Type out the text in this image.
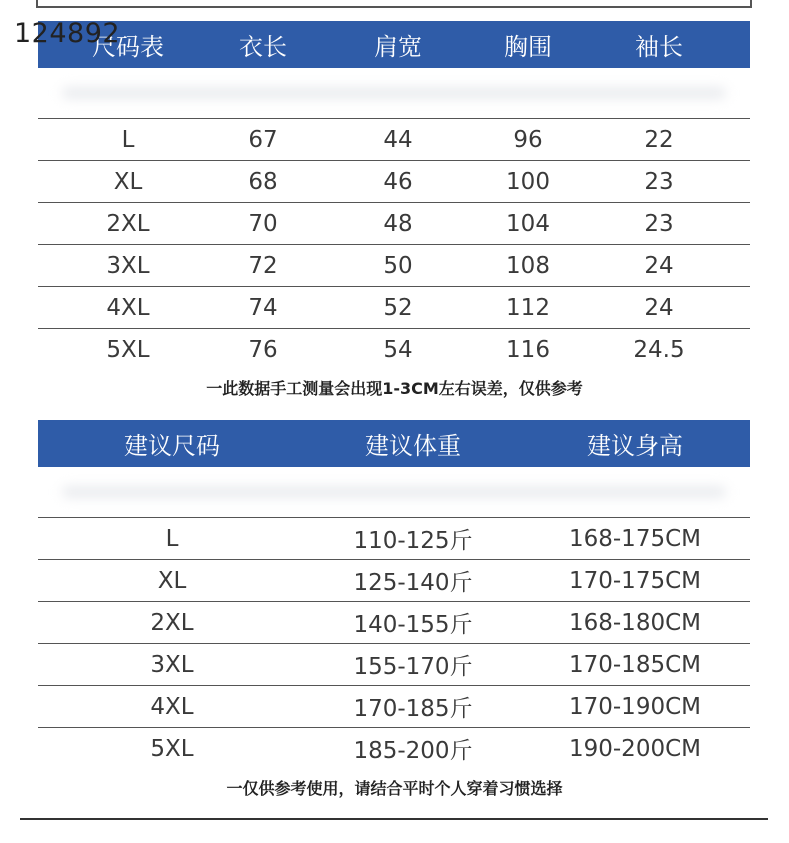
尺码表	衣长	肩宽	胸围	袖长
L	67	44	96	22
XL	68	46	100	23
2XL	70	48	104	23
3XL	72	50	108	24
4XL	74	52	112	24
5XL	76	54	116	24.5
124892
一此数据手工测量会出现1-3CM左右误差，仅供参考
建议尺码	建议体重	建议身高
L	110-125斤	168-175CM
XL	125-140斤	170-175CM
2XL	140-155斤	168-180CM
3XL	155-170斤	170-185CM
4XL	170-185斤	170-190CM
5XL	185-200斤	190-200CM
一仅供参考使用，请结合平时个人穿着习惯选择
